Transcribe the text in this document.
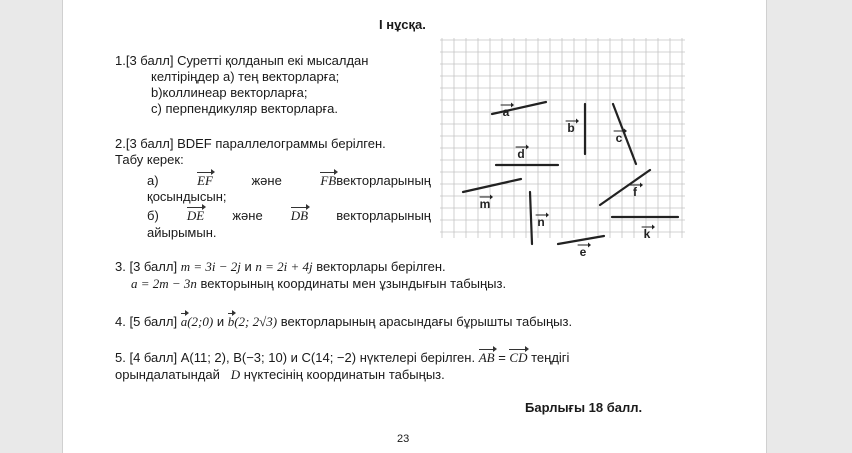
І нұсқа.
1.[3 балл] Суретті қолданып екі мысалдан
келтіріңдер а) тең векторларға;
b)коллинеар векторларға;
c) перпендикуляр векторларға.
2.[3 балл] BDEF параллелограммы берілген.
Табу керек:
а)	EF	және	FBвекторларының
қосындысын;
б) DE және DB векторларының
айырымын.
3. [3 балл] m = 3i − 2j и n = 2i + 4j векторлары берілген.
a = 2m − 3n векторының координаты мен ұзындығын табыңыз.
4. [5 балл] a(2;0) и b(2; 2√3) векторларының арасындағы бұрышты табыңыз.
5. [4 балл] A(11; 2), B(−3; 10) и C(14; −2) нүктелері берілген. AB = CD теңдігі
орындалатындай D нүктесінің координатын табыңыз.
Барлығы 18 балл.
23
a
b
c
d
m
n
f
k
e
